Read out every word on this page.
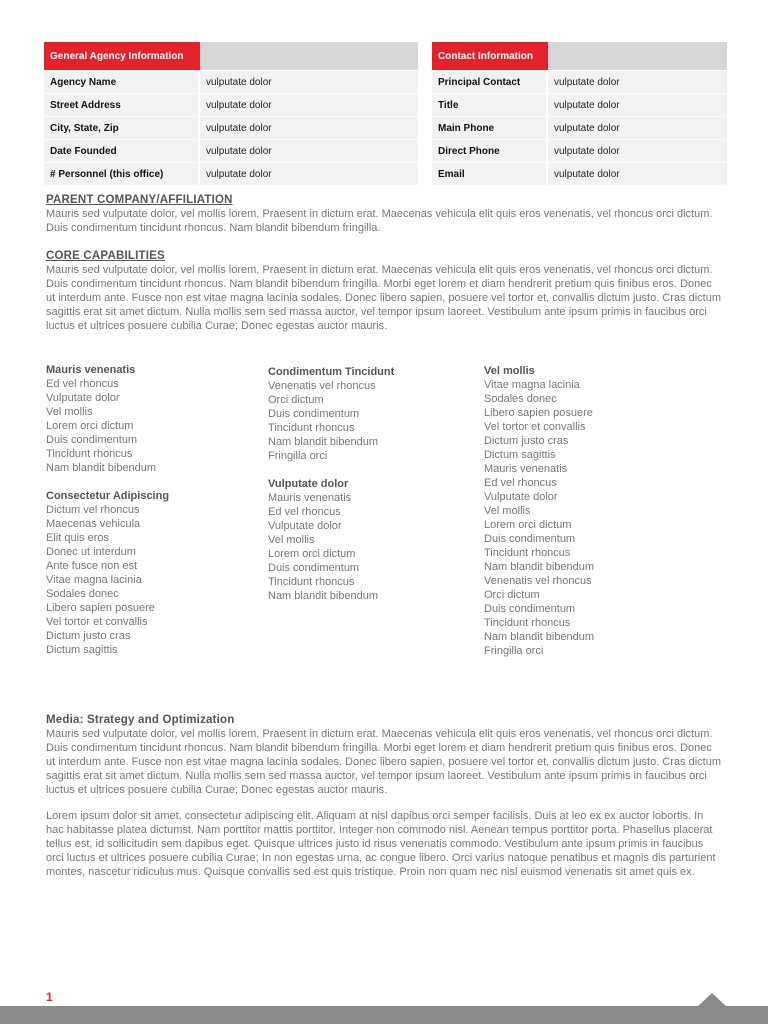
General Agency Information	
Agency Name	vulputate dolor
Street Address	vulputate dolor
City, State, Zip	vulputate dolor
Date Founded	vulputate dolor
# Personnel (this office)	vulputate dolor
Contact Information	
Principal Contact	vulputate dolor
Title	vulputate dolor
Main Phone	vulputate dolor
Direct Phone	vulputate dolor
Email	vulputate dolor
PARENT COMPANY/AFFILIATION

Mauris sed vulputate dolor, vel mollis lorem. Praesent in dictum erat. Maecenas vehicula elit quis eros venenatis, vel rhoncus orci dictum. Duis condimentum tincidunt rhoncus. Nam blandit bibendum fringilla.

CORE CAPABILITIES

Mauris sed vulputate dolor, vel mollis lorem. Praesent in dictum erat. Maecenas vehicula elit quis eros venenatis, vel rhoncus orci dictum. Duis condimentum tincidunt rhoncus. Nam blandit bibendum fringilla. Morbi eget lorem et diam hendrerit pretium quis finibus eros. Donec ut interdum ante. Fusce non est vitae magna lacinia sodales. Donec libero sapien, posuere vel tortor et, convallis dictum justo. Cras dictum sagittis erat sit amet dictum. Nulla mollis sem sed massa auctor, vel tempor ipsum laoreet. Vestibulum ante ipsum primis in faucibus orci luctus et ultrices posuere cubilia Curae; Donec egestas auctor mauris.

Mauris venenatis
Ed vel rhoncus
Vulputate dolor
Vel mollis
Lorem orci dictum
Duis condimentum
Tincidunt rhoncus
Nam blandit bibendum
Consectetur Adipiscing
Dictum vel rhoncus
Maecenas vehicula
Elit quis eros
Donec ut interdum
Ante fusce non est
Vitae magna lacinia
Sodales donec
Libero sapien posuere
Vel tortor et convallis
Dictum justo cras
Dictum sagittis
Condimentum Tincidunt
Venenatis vel rhoncus
Orci dictum
Duis condimentum
Tincidunt rhoncus
Nam blandit bibendum
Fringilla orci
Vulputate dolor
Mauris venenatis
Ed vel rhoncus
Vulputate dolor
Vel mollis
Lorem orci dictum
Duis condimentum
Tincidunt rhoncus
Nam blandit bibendum
Vel mollis
Vitae magna lacinia
Sodales donec
Libero sapien posuere
Vel tortor et convallis
Dictum justo cras
Dictum sagittis
Mauris venenatis
Ed vel rhoncus
Vulputate dolor
Vel mollis
Lorem orci dictum
Duis condimentum
Tincidunt rhoncus
Nam blandit bibendum
Venenatis vel rhoncus
Orci dictum
Duis condimentum
Tincidunt rhoncus
Nam blandit bibendum
Fringilla orci
Media: Strategy and Optimization

Mauris sed vulputate dolor, vel mollis lorem. Praesent in dictum erat. Maecenas vehicula elit quis eros venenatis, vel rhoncus orci dictum. Duis condimentum tincidunt rhoncus. Nam blandit bibendum fringilla. Morbi eget lorem et diam hendrerit pretium quis finibus eros. Donec ut interdum ante. Fusce non est vitae magna lacinia sodales. Donec libero sapien, posuere vel tortor et, convallis dictum justo. Cras dictum sagittis erat sit amet dictum. Nulla mollis sem sed massa auctor, vel tempor ipsum laoreet. Vestibulum ante ipsum primis in faucibus orci luctus et ultrices posuere cubilia Curae; Donec egestas auctor mauris.

Lorem ipsum dolor sit amet, consectetur adipiscing elit. Aliquam at nisl dapibus orci semper facilisis. Duis at leo ex ex auctor lobortis. In hac habitasse platea dictumst. Nam porttitor mattis porttitor. Integer non commodo nisl. Aenean tempus porttitor porta. Phasellus placerat tellus est, id sollicitudin sem dapibus eget. Quisque ultrices justo id risus venenatis commodo. Vestibulum ante ipsum primis in faucibus orci luctus et ultrices posuere cubilia Curae; In non egestas urna, ac congue libero. Orci varius natoque penatibus et magnis dis parturient montes, nascetur ridiculus mus. Quisque convallis sed est quis tristique. Proin non quam nec nisl euismod venenatis sit amet quis ex.

1
